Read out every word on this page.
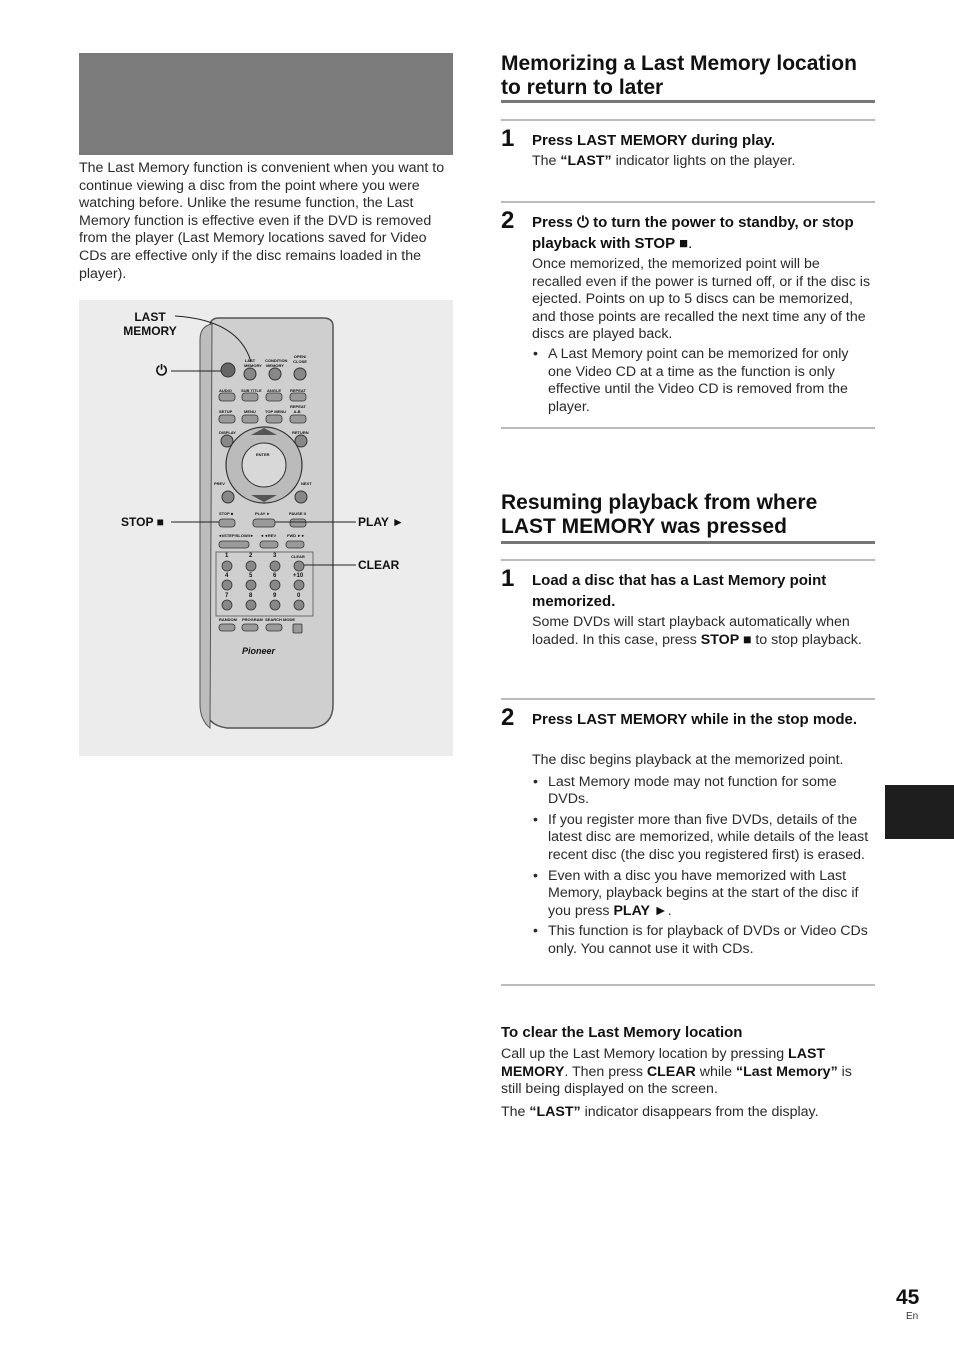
The Last Memory function is convenient when you want to continue viewing a disc from the point where you were watching before. Unlike the resume function, the Last Memory function is effective even if the DVD is removed from the player (Last Memory locations saved for Video CDs are effective only if the disc remains loaded in the player).
LAST MEMORY
CONDITION MEMORY
OPEN/ CLOSE
AUDIO SUB TITLE ANGLE REPEAT
SETUP	MENU TOP MENU
REPEAT A-B
DISPLAY	RETURN
ENTER
PREV	NEXT
STOP ■	PLAY ►	PAUSE II
◄I/STEP/SLOW/I► ◄◄REV	FWD ►►
1	2	3	CLEAR
4	5	6	+10
7	8	9	0
RANDOM PROGRAM SEARCH MODE
Pioneer
LAST MEMORY
⏻
STOP ■	PLAY ►
CLEAR
Memorizing a Last Memory location to return to later
1 Press LAST MEMORY during play.
The “LAST” indicator lights on the player.
2 Press ⏻ to turn the power to standby, or stop playback with STOP ■.
Once memorized, the memorized point will be recalled even if the power is turned off, or if the disc is ejected. Points on up to 5 discs can be memorized, and those points are recalled the next time any of the discs are played back.
• A Last Memory point can be memorized for only one Video CD at a time as the function is only effective until the Video CD is removed from the player.
Resuming playback from where LAST MEMORY was pressed
1 Load a disc that has a Last Memory point memorized.
Some DVDs will start playback automatically when loaded. In this case, press STOP ■ to stop playback.
2 Press LAST MEMORY while in the stop mode.
The disc begins playback at the memorized point.
• Last Memory mode may not function for some DVDs.
• If you register more than five DVDs, details of the latest disc are memorized, while details of the least recent disc (the disc you registered first) is erased.
• Even with a disc you have memorized with Last Memory, playback begins at the start of the disc if you press PLAY ►.
• This function is for playback of DVDs or Video CDs only. You cannot use it with CDs.
To clear the Last Memory location
Call up the Last Memory location by pressing LAST MEMORY. Then press CLEAR while “Last Memory” is still being displayed on the screen.
The “LAST” indicator disappears from the display.
45
En
